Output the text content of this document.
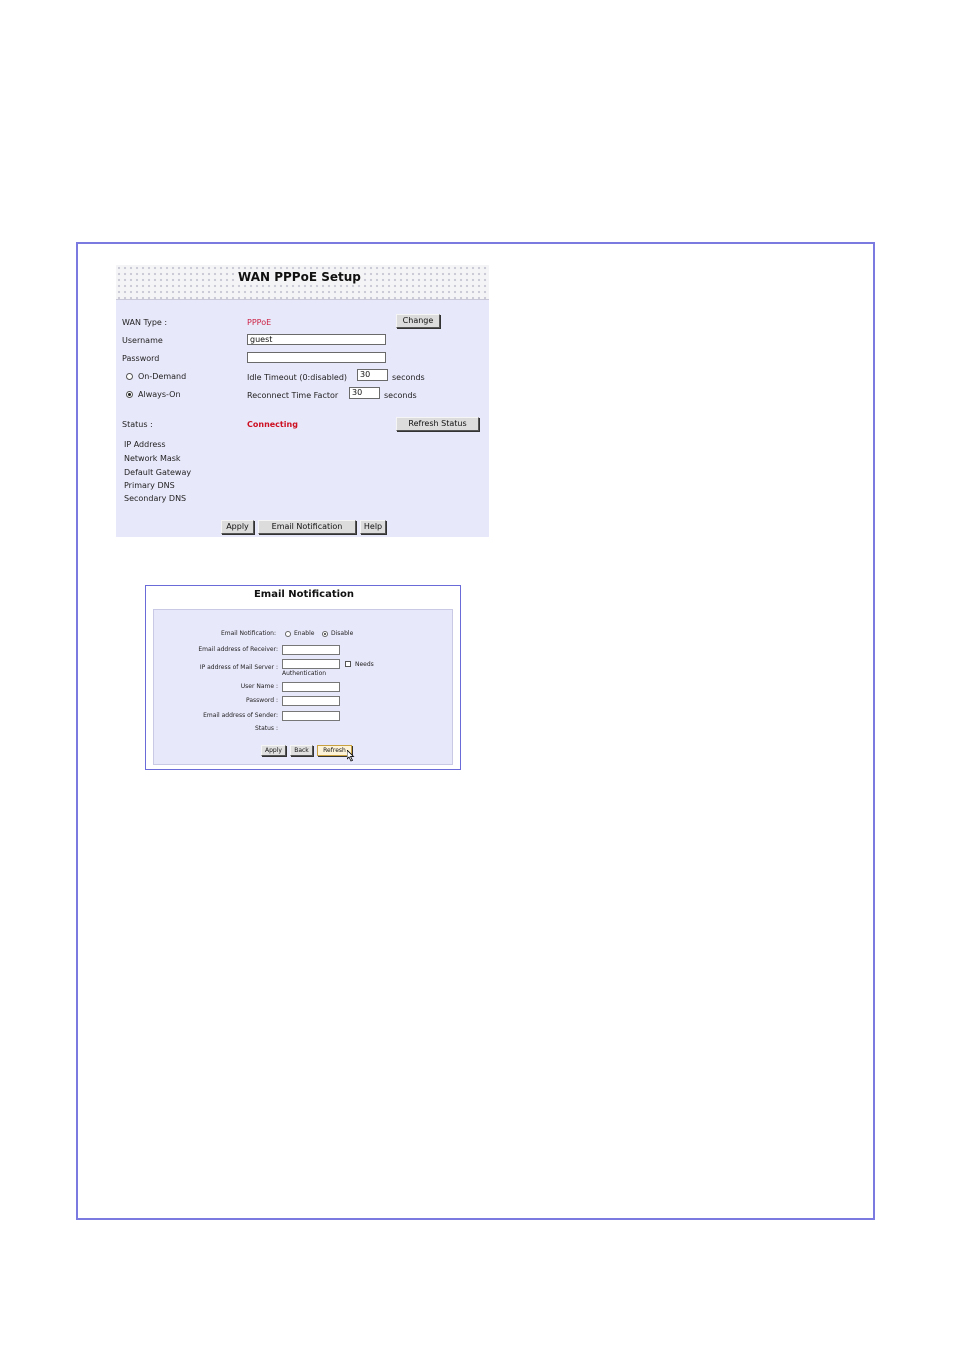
WAN PPPoE Setup
WAN Type :	PPPoE	Change
Username	guest
Password
On-Demand	Idle Timeout (0:disabled)	30	seconds
Always-On	Reconnect Time Factor	30	seconds
Status :	Connecting	Refresh Status
IP Address
Network Mask
Default Gateway
Primary DNS
Secondary DNS
Apply	Email Notification	Help
Email Notification
Email Notification:	Enable	Disable
Email address of Receiver:
IP address of Mail Server :	Needs
Authentication
User Name :
Password :
Email address of Sender:
Status :
Apply	Back	Refresh
